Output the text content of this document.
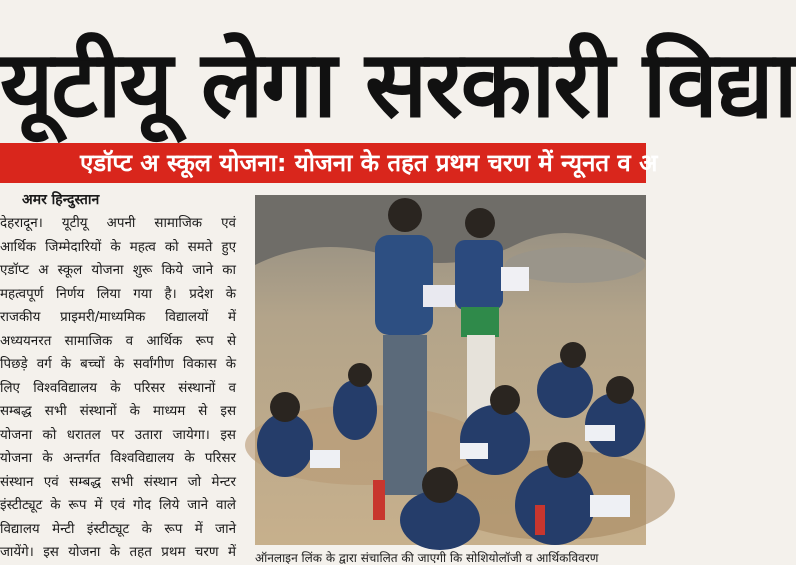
यूटीयू लेगा सरकारी विद्या
एडॉप्ट अ स्कूल योजना: योजना के तहत प्रथम चरण में न्यूनत व अ
अमर हिन्दुस्तान
देहरादून। यूटीयू अपनी सामाजिक एवं
आर्थिक जिम्मेदारियों के महत्व को समते हुए
एडॉप्ट अ स्कूल योजना शुरू किये जाने का
महत्वपूर्ण निर्णय लिया गया है। प्रदेश के
राजकीय प्राइमरी/माध्यमिक विद्यालयों में
अध्ययनरत सामाजिक व आर्थिक रूप से
पिछड़े वर्ग के बच्चों के सर्वांगीण विकास के
लिए विश्वविद्यालय के परिसर संस्थानों व
सम्बद्ध सभी संस्थानों के माध्यम से इस
योजना को धरातल पर उतारा जायेगा। इस
योजना के अन्तर्गत विश्वविद्यालय के परिसर
संस्थान एवं सम्बद्ध सभी संस्थान जो मेन्टर
इंस्टीट्यूट के रूप में एवं गोद लिये जाने वाले
विद्यालय मेन्टी इंस्टीट्यूट के रूप में जाने
जायेंगे। इस योजना के तहत प्रथम चरण में ऑनलाइन लिंक के द्वारा संचालित की जाएगी कि सोशियोलॉजी व आर्थिकविवरण
